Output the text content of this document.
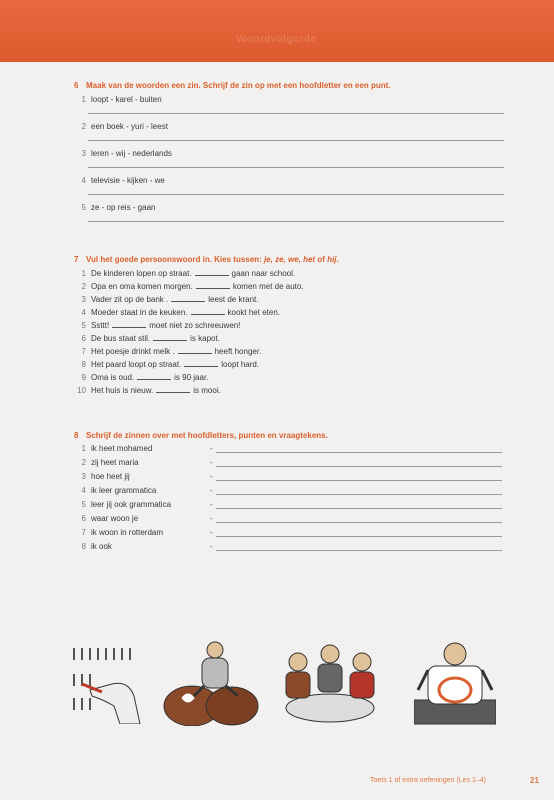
Woordvolgorde
6 Maak van de woorden een zin. Schrijf de zin op met een hoofdletter en een punt.
1 loopt - karel - buiten
2 een boek - yuri - leest
3 leren - wij - nederlands
4 televisie - kijken - we
5 ze - op reis - gaan
7 Vul het goede persoonswoord in. Kies tussen: je, ze, we, het of hij.
1 De kinderen lopen op straat.	gaan naar school.
2 Opa en oma komen morgen.	komen met de auto.
3 Vader zit op de bank .	leest de krant.
4 Moeder staat in de keuken.	kookt het eten.
5 Ssttt!	moet niet zo schreeuwen!
6 De bus staat stil.	is kapot.
7 Het poesje drinkt melk .	heeft honger.
8 Het paard loopt op straat.	loopt hard.
9 Oma is oud.	is 90 jaar.
10 Het huis is nieuw.	is mooi.
8 Schrijf de zinnen over met hoofdletters, punten en vraagtekens.
1 ik heet mohamed	-
2 zij heet maria	-
3 hoe heet jij	-
4 ik leer grammatica	-
5 leer jij ook grammatica	-
6 waar woon je	-
7 ik woon in rotterdam	-
8 ik ook	-
Toets 1 of extra oefeningen (Les 1–4)	21
